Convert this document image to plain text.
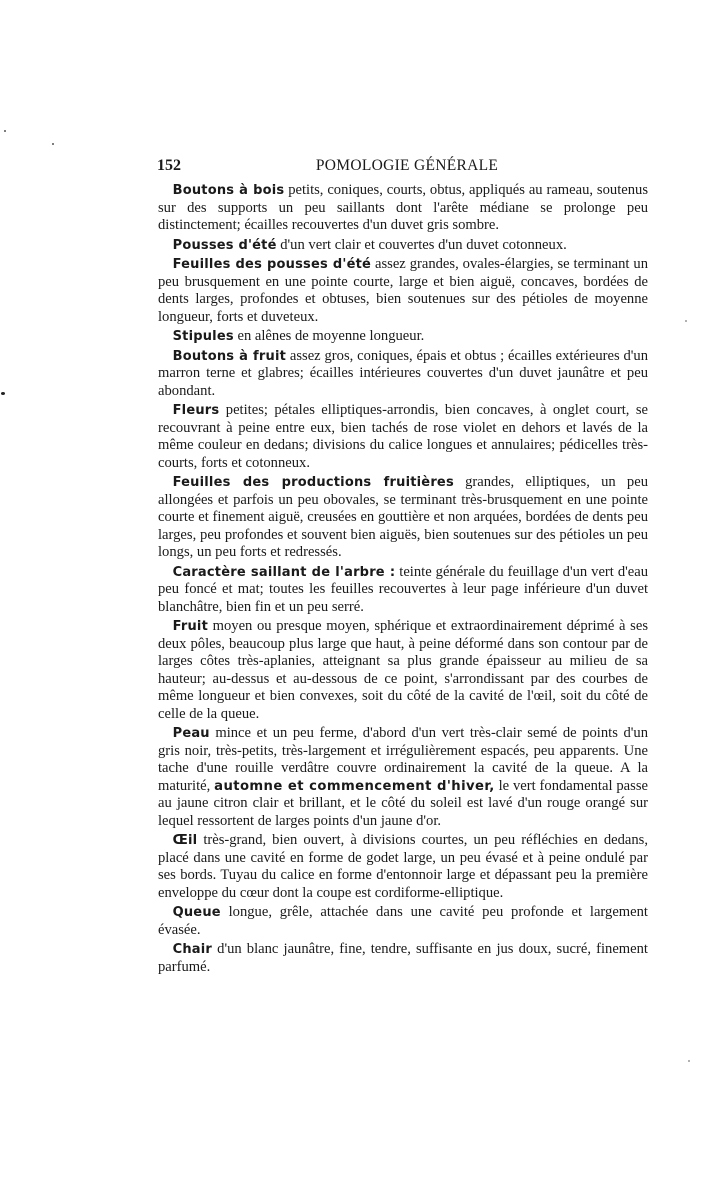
152	POMOLOGIE GÉNÉRALE
 Boutons à bois petits, coniques, courts, obtus, appliqués au rameau, soutenus sur des supports un peu saillants dont l'arête médiane se prolonge peu distinctement; écailles recouvertes d'un duvet gris sombre.
 Pousses d'été d'un vert clair et couvertes d'un duvet cotonneux.
 Feuilles des pousses d'été assez grandes, ovales-élargies, se terminant un peu brusquement en une pointe courte, large et bien aiguë, concaves, bordées de dents larges, profondes et obtuses, bien soutenues sur des pétioles de moyenne longueur, forts et duveteux.
 Stipules en alênes de moyenne longueur.
 Boutons à fruit assez gros, coniques, épais et obtus ; écailles extérieures d'un marron terne et glabres; écailles intérieures couvertes d'un duvet jaunâtre et peu abondant.
 Fleurs petites; pétales elliptiques-arrondis, bien concaves, à onglet court, se recouvrant à peine entre eux, bien tachés de rose violet en dehors et lavés de la même couleur en dedans; divisions du calice longues et annulaires; pédicelles très-courts, forts et cotonneux.
 Feuilles des productions fruitières grandes, elliptiques, un peu allongées et parfois un peu obovales, se terminant très-brusquement en une pointe courte et finement aiguë, creusées en gouttière et non arquées, bordées de dents peu larges, peu profondes et souvent bien aiguës, bien soutenues sur des pétioles un peu longs, un peu forts et redressés.
 Caractère saillant de l'arbre : teinte générale du feuillage d'un vert d'eau peu foncé et mat; toutes les feuilles recouvertes à leur page inférieure d'un duvet blanchâtre, bien fin et un peu serré.
 Fruit moyen ou presque moyen, sphérique et extraordinairement déprimé à ses deux pôles, beaucoup plus large que haut, à peine déformé dans son contour par de larges côtes très-aplanies, atteignant sa plus grande épaisseur au milieu de sa hauteur; au-dessus et au-dessous de ce point, s'arrondissant par des courbes de même longueur et bien convexes, soit du côté de la cavité de l'œil, soit du côté de celle de la queue.
 Peau mince et un peu ferme, d'abord d'un vert très-clair semé de points d'un gris noir, très-petits, très-largement et irrégulièrement espacés, peu apparents. Une tache d'une rouille verdâtre couvre ordinairement la cavité de la queue. A la maturité, automne et commencement d'hiver, le vert fondamental passe au jaune citron clair et brillant, et le côté du soleil est lavé d'un rouge orangé sur lequel ressortent de larges points d'un jaune d'or.
 Œil très-grand, bien ouvert, à divisions courtes, un peu réfléchies en dedans, placé dans une cavité en forme de godet large, un peu évasé et à peine ondulé par ses bords. Tuyau du calice en forme d'entonnoir large et dépassant peu la première enveloppe du cœur dont la coupe est cordiforme-elliptique.
 Queue longue, grêle, attachée dans une cavité peu profonde et largement évasée.
 Chair d'un blanc jaunâtre, fine, tendre, suffisante en jus doux, sucré, finement parfumé.
